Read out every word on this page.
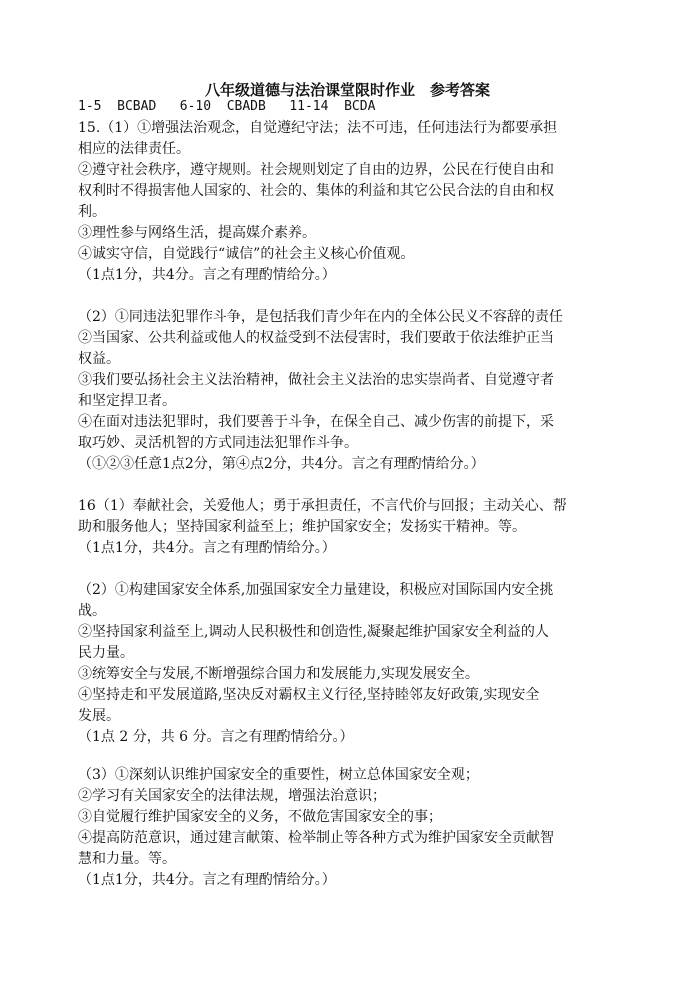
八年级道德与法治课堂限时作业　参考答案
1-5  BCBAD   6-10  CBADB   11-14  BCDA
15.（1）①增强法治观念，自觉遵纪守法；法不可违，任何违法行为都要承担
相应的法律责任。
②遵守社会秩序，遵守规则。社会规则划定了自由的边界，公民在行使自由和
权利时不得损害他人国家的、社会的、集体的利益和其它公民合法的自由和权
利。
③理性参与网络生活，提高媒介素养。
④诚实守信，自觉践行“诚信”的社会主义核心价值观。
（1点1分，共4分。言之有理酌情给分。）
（2）①同违法犯罪作斗争，是包括我们青少年在内的全体公民义不容辞的责任
②当国家、公共利益或他人的权益受到不法侵害时，我们要敢于依法维护正当
权益。
③我们要弘扬社会主义法治精神，做社会主义法治的忠实崇尚者、自觉遵守者
和坚定捍卫者。
④在面对违法犯罪时，我们要善于斗争，在保全自己、减少伤害的前提下，采
取巧妙、灵活机智的方式同违法犯罪作斗争。
（①②③任意1点2分，第④点2分，共4分。言之有理酌情给分。）
16（1）奉献社会，关爱他人；勇于承担责任，不言代价与回报；主动关心、帮
助和服务他人；坚持国家利益至上；维护国家安全；发扬实干精神。等。
（1点1分，共4分。言之有理酌情给分。）
（2）①构建国家安全体系,加强国家安全力量建设，积极应对国际国内安全挑
战。
②坚持国家利益至上,调动人民积极性和创造性,凝聚起维护国家安全利益的人
民力量。
③统筹安全与发展,不断增强综合国力和发展能力,实现发展安全。
④坚持走和平发展道路,坚决反对霸权主义行径,坚持睦邻友好政策,实现安全
发展。
（1点 2 分，共 6 分。言之有理酌情给分。）
（3）①深刻认识维护国家安全的重要性，树立总体国家安全观；
②学习有关国家安全的法律法规，增强法治意识；
③自觉履行维护国家安全的义务，不做危害国家安全的事；
④提高防范意识，通过建言献策、检举制止等各种方式为维护国家安全贡献智
慧和力量。等。
（1点1分，共4分。言之有理酌情给分。）
